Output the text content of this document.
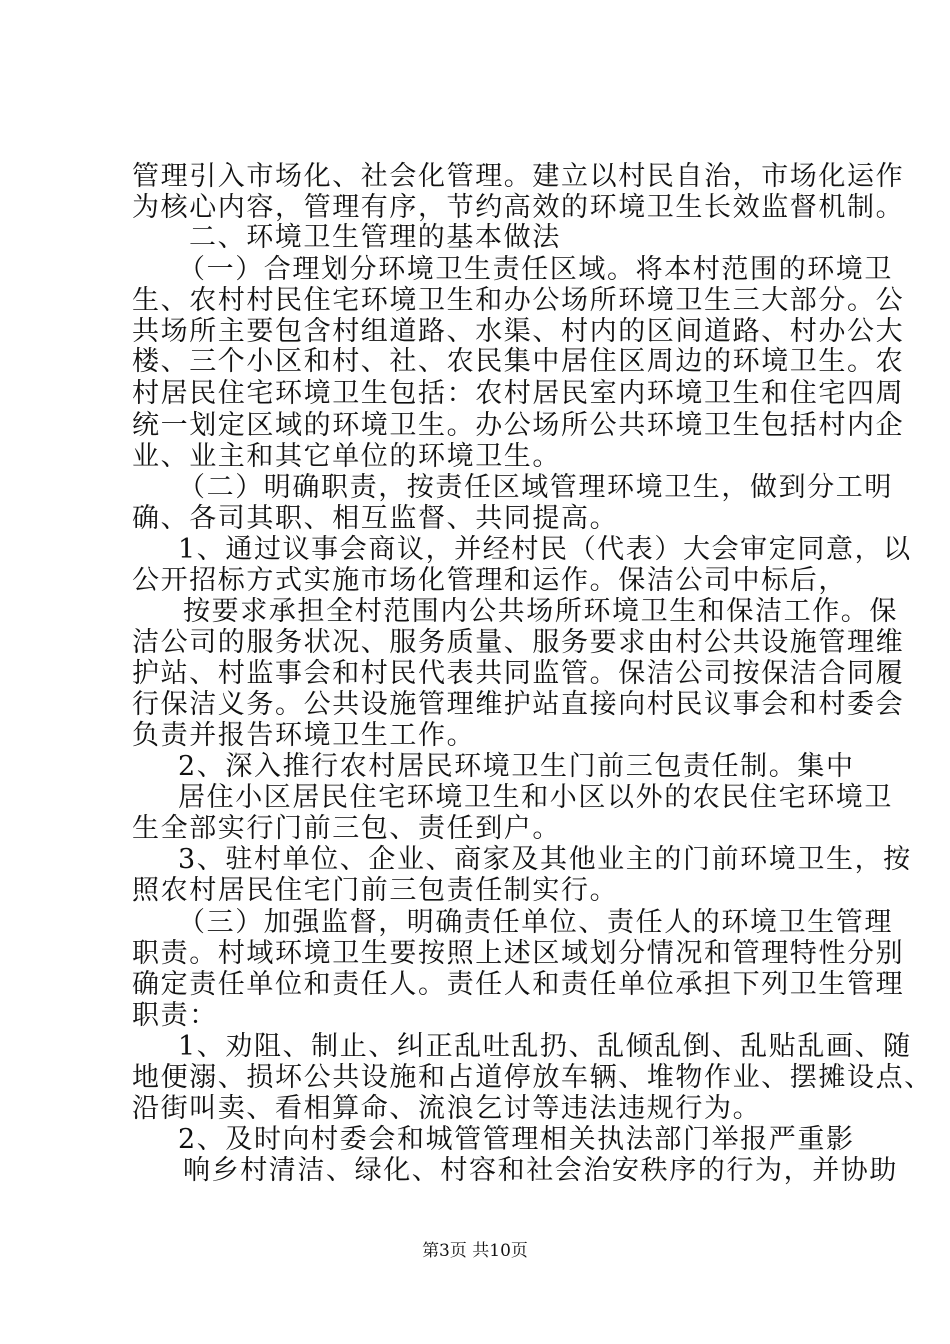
管理引入市场化、社会化管理。建立以村民自治，市场化运作
为核心内容，管理有序，节约高效的环境卫生长效监督机制。
二、环境卫生管理的基本做法
（一）合理划分环境卫生责任区域。将本村范围的环境卫
生、农村村民住宅环境卫生和办公场所环境卫生三大部分。公
共场所主要包含村组道路、水渠、村内的区间道路、村办公大
楼、三个小区和村、社、农民集中居住区周边的环境卫生。农
村居民住宅环境卫生包括：农村居民室内环境卫生和住宅四周
统一划定区域的环境卫生。办公场所公共环境卫生包括村内企
业、业主和其它单位的环境卫生。
（二）明确职责，按责任区域管理环境卫生，做到分工明
确、各司其职、相互监督、共同提高。
1、通过议事会商议，并经村民（代表）大会审定同意，以
公开招标方式实施市场化管理和运作。保洁公司中标后，
按要求承担全村范围内公共场所环境卫生和保洁工作。保
洁公司的服务状况、服务质量、服务要求由村公共设施管理维
护站、村监事会和村民代表共同监管。保洁公司按保洁合同履
行保洁义务。公共设施管理维护站直接向村民议事会和村委会
负责并报告环境卫生工作。
2、深入推行农村居民环境卫生门前三包责任制。集中
居住小区居民住宅环境卫生和小区以外的农民住宅环境卫
生全部实行门前三包、责任到户。
3、驻村单位、企业、商家及其他业主的门前环境卫生，按
照农村居民住宅门前三包责任制实行。
（三）加强监督，明确责任单位、责任人的环境卫生管理
职责。村域环境卫生要按照上述区域划分情况和管理特性分别
确定责任单位和责任人。责任人和责任单位承担下列卫生管理
职责：
1、劝阻、制止、纠正乱吐乱扔、乱倾乱倒、乱贴乱画、随
地便溺、损坏公共设施和占道停放车辆、堆物作业、摆摊设点、
沿街叫卖、看相算命、流浪乞讨等违法违规行为。
2、及时向村委会和城管管理相关执法部门举报严重影
响乡村清洁、绿化、村容和社会治安秩序的行为，并协助
第3页 共10页
